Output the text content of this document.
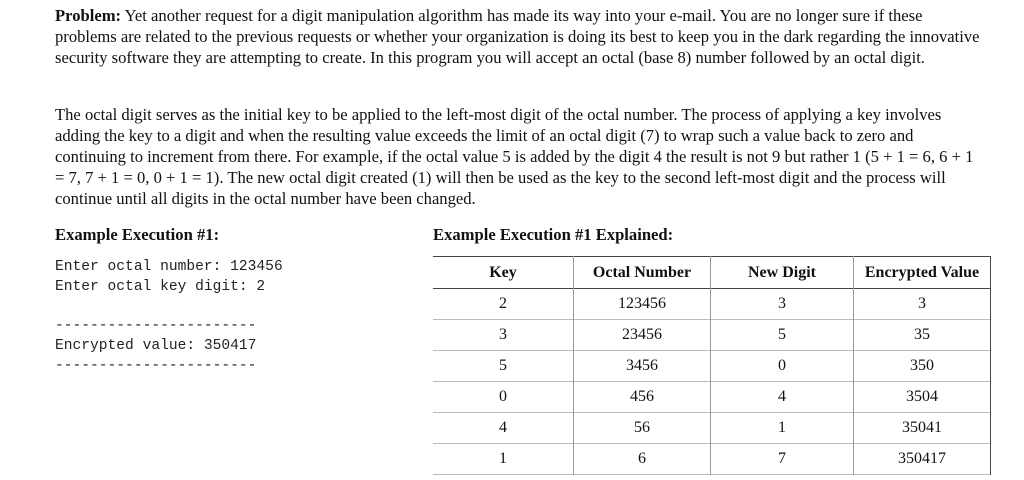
Problem: Yet another request for a digit manipulation algorithm has made its way into your e-mail. You are no longer sure if these problems are related to the previous requests or whether your organization is doing its best to keep you in the dark regarding the innovative security software they are attempting to create. In this program you will accept an octal (base 8) number followed by an octal digit.

The octal digit serves as the initial key to be applied to the left-most digit of the octal number. The process of applying a key involves adding the key to a digit and when the resulting value exceeds the limit of an octal digit (7) to wrap such a value back to zero and continuing to increment from there. For example, if the octal value 5 is added by the digit 4 the result is not 9 but rather 1 (5 + 1 = 6, 6 + 1 = 7, 7 + 1 = 0, 0 + 1 = 1). The new octal digit created (1) will then be used as the key to the second left-most digit and the process will continue until all digits in the octal number have been changed.

Example Execution #1:	Example Execution #1 Explained:

Enter octal number: 123456

Enter octal key digit: 2

-----------------------

Encrypted value: 350417

-----------------------

Key	Octal Number	New Digit	Encrypted Value
2	123456	3	3
3	23456	5	35
5	3456	0	350
0	456	4	3504
4	56	1	35041
1	6	7	350417
